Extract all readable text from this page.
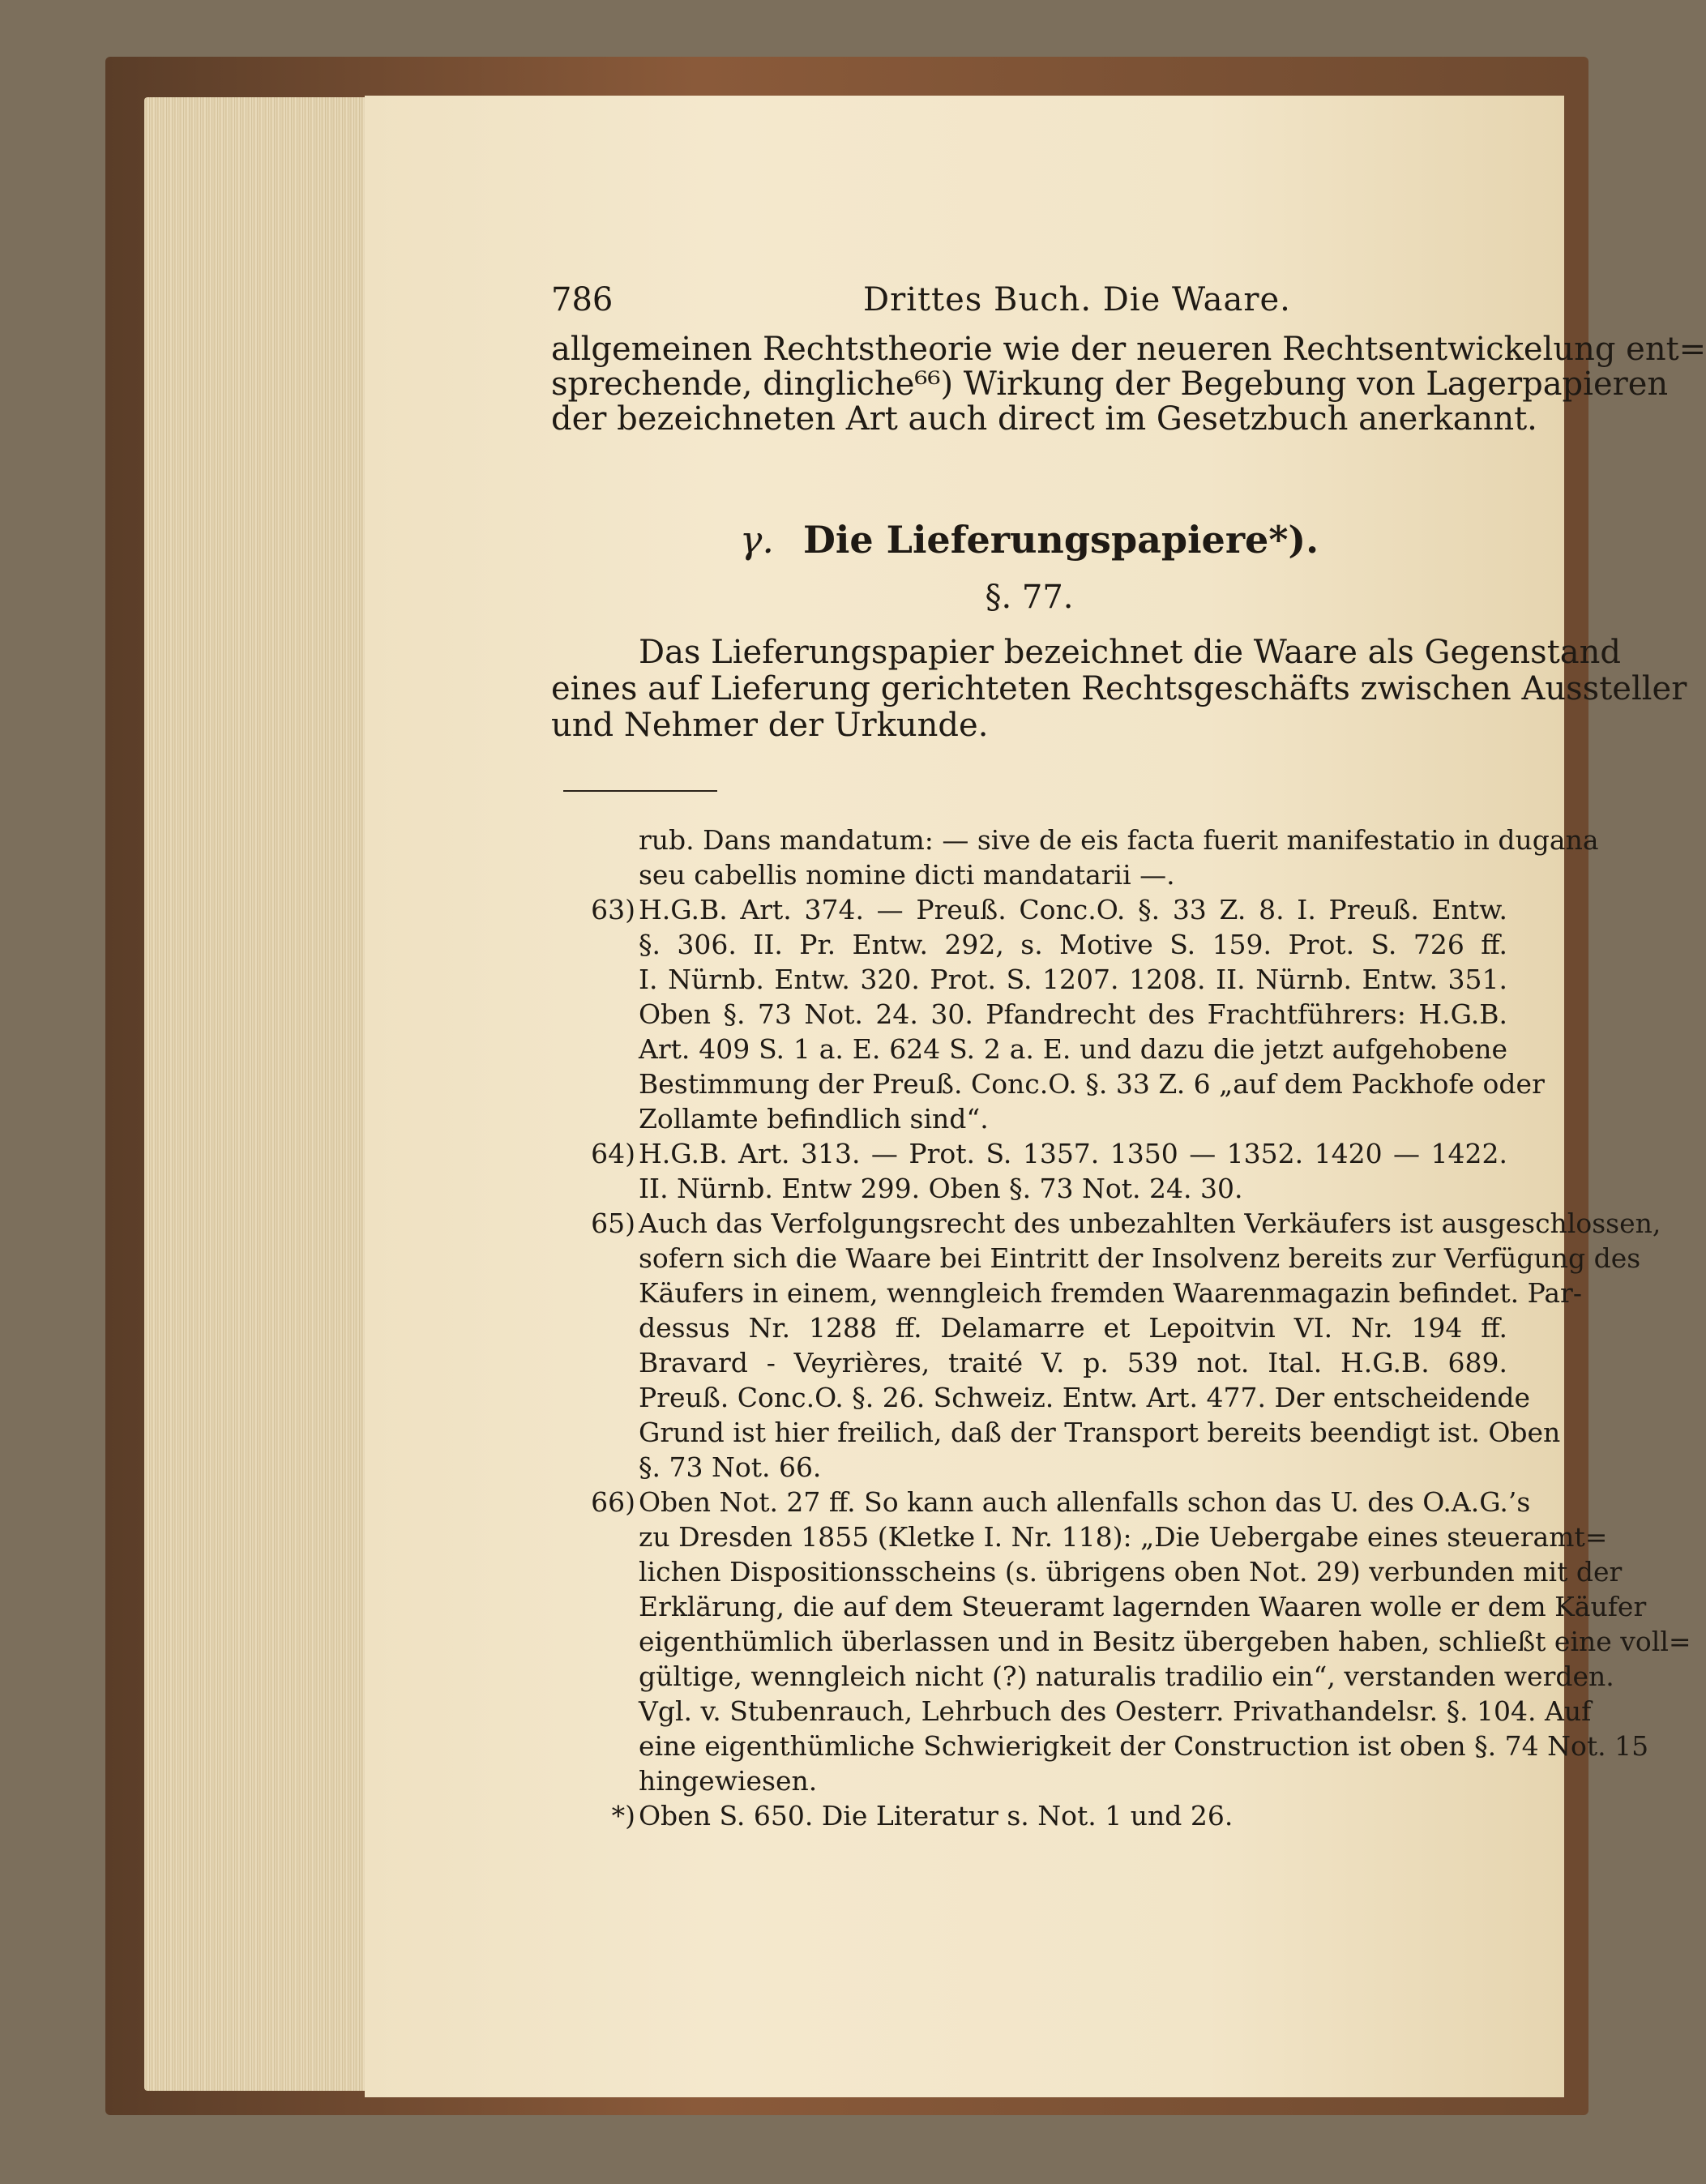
786	Drittes Buch. Die Waare.
allgemeinen Rechtstheorie wie der neueren Rechtsentwickelung ent=
sprechende, dingliche⁶⁶) Wirkung der Begebung von Lagerpapieren
der bezeichneten Art auch direct im Gesetzbuch anerkannt.
γ. Die Lieferungspapiere*).
§. 77.
Das Lieferungspapier bezeichnet die Waare als Gegenstand
eines auf Lieferung gerichteten Rechtsgeschäfts zwischen Aussteller
und Nehmer der Urkunde.
rub. Dans mandatum: — sive de eis facta fuerit manifestatio in dugana
seu cabellis nomine dicti mandatarii —.
63) H.G.B. Art. 374. — Preuß. Conc.O. §. 33 Z. 8. I. Preuß. Entw.
§. 306. II. Pr. Entw. 292, s. Motive S. 159. Prot. S. 726 ff.
I. Nürnb. Entw. 320. Prot. S. 1207. 1208. II. Nürnb. Entw. 351.
Oben §. 73 Not. 24. 30. Pfandrecht des Frachtführers: H.G.B.
Art. 409 S. 1 a. E. 624 S. 2 a. E. und dazu die jetzt aufgehobene
Bestimmung der Preuß. Conc.O. §. 33 Z. 6 „auf dem Packhofe oder
Zollamte befindlich sind“.
64) H.G.B. Art. 313. — Prot. S. 1357. 1350 — 1352. 1420 — 1422.
II. Nürnb. Entw 299. Oben §. 73 Not. 24. 30.
65) Auch das Verfolgungsrecht des unbezahlten Verkäufers ist ausgeschlossen,
sofern sich die Waare bei Eintritt der Insolvenz bereits zur Verfügung des
Käufers in einem, wenngleich fremden Waarenmagazin befindet. Par-
dessus Nr. 1288 ff. Delamarre et Lepoitvin VI. Nr. 194 ff.
Bravard - Veyrières, traité V. p. 539 not. Ital. H.G.B. 689.
Preuß. Conc.O. §. 26. Schweiz. Entw. Art. 477. Der entscheidende
Grund ist hier freilich, daß der Transport bereits beendigt ist. Oben
§. 73 Not. 66.
66) Oben Not. 27 ff. So kann auch allenfalls schon das U. des O.A.G.’s
zu Dresden 1855 (Kletke I. Nr. 118): „Die Uebergabe eines steueramt=
lichen Dispositionsscheins (s. übrigens oben Not. 29) verbunden mit der
Erklärung, die auf dem Steueramt lagernden Waaren wolle er dem Käufer
eigenthümlich überlassen und in Besitz übergeben haben, schließt eine voll=
gültige, wenngleich nicht (?) naturalis tradilio ein“, verstanden werden.
Vgl. v. Stubenrauch, Lehrbuch des Oesterr. Privathandelsr. §. 104. Auf
eine eigenthümliche Schwierigkeit der Construction ist oben §. 74 Not. 15
hingewiesen.
*) Oben S. 650. Die Literatur s. Not. 1 und 26.
